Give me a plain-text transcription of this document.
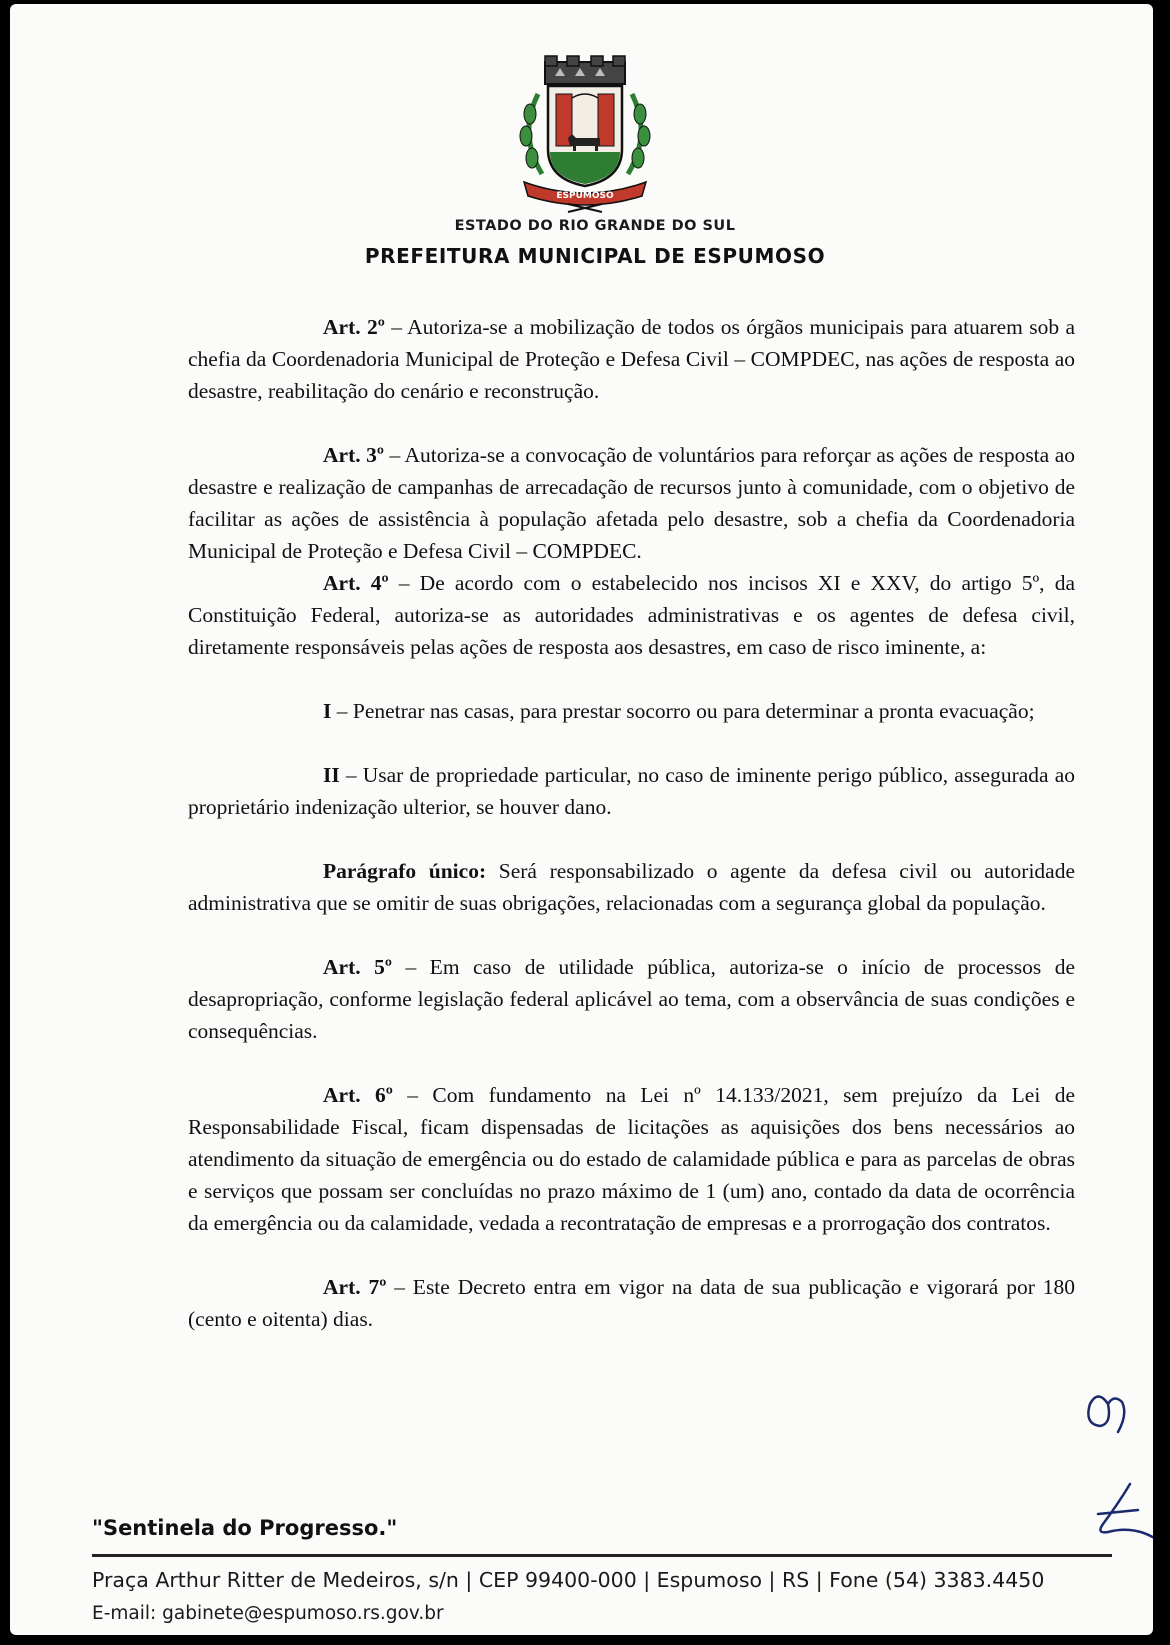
ESPUMOSO
ESTADO DO RIO GRANDE DO SUL
PREFEITURA MUNICIPAL DE ESPUMOSO

Art. 2º – Autoriza-se a mobilização de todos os órgãos municipais para atuarem sob a chefia da Coordenadoria Municipal de Proteção e Defesa Civil – COMPDEC, nas ações de resposta ao desastre, reabilitação do cenário e reconstrução.

Art. 3º – Autoriza-se a convocação de voluntários para reforçar as ações de resposta ao desastre e realização de campanhas de arrecadação de recursos junto à comunidade, com o objetivo de facilitar as ações de assistência à população afetada pelo desastre, sob a chefia da Coordenadoria Municipal de Proteção e Defesa Civil – COMPDEC.

Art. 4º – De acordo com o estabelecido nos incisos XI e XXV, do artigo 5º, da Constituição Federal, autoriza-se as autoridades administrativas e os agentes de defesa civil, diretamente responsáveis pelas ações de resposta aos desastres, em caso de risco iminente, a:

I – Penetrar nas casas, para prestar socorro ou para determinar a pronta evacuação;

II – Usar de propriedade particular, no caso de iminente perigo público, assegurada ao proprietário indenização ulterior, se houver dano.

Parágrafo único: Será responsabilizado o agente da defesa civil ou autoridade administrativa que se omitir de suas obrigações, relacionadas com a segurança global da população.

Art. 5º – Em caso de utilidade pública, autoriza-se o início de processos de desapropriação, conforme legislação federal aplicável ao tema, com a observância de suas condições e consequências.

Art. 6º – Com fundamento na Lei nº 14.133/2021, sem prejuízo da Lei de Responsabilidade Fiscal, ficam dispensadas de licitações as aquisições dos bens necessários ao atendimento da situação de emergência ou do estado de calamidade pública e para as parcelas de obras e serviços que possam ser concluídas no prazo máximo de 1 (um) ano, contado da data de ocorrência da emergência ou da calamidade, vedada a recontratação de empresas e a prorrogação dos contratos.

Art. 7º – Este Decreto entra em vigor na data de sua publicação e vigorará por 180 (cento e oitenta) dias.

"Sentinela do Progresso."
Praça Arthur Ritter de Medeiros, s/n | CEP 99400-000 | Espumoso | RS | Fone (54) 3383.4450
E-mail: gabinete@espumoso.rs.gov.br
